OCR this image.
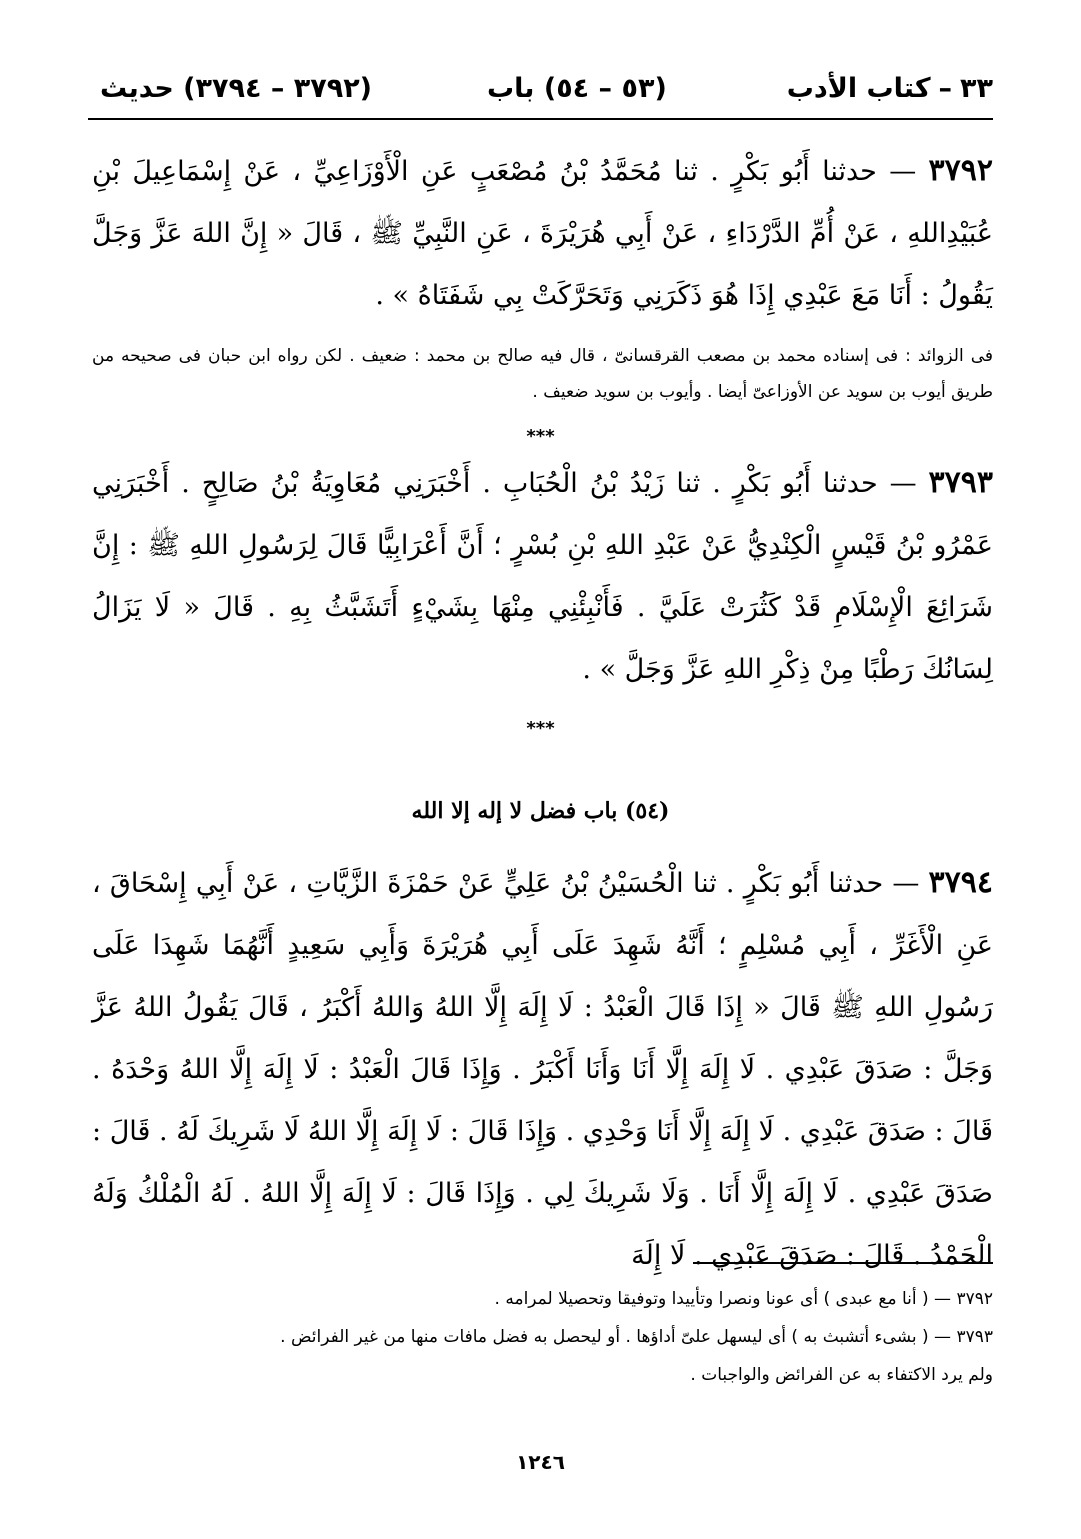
٣٣
–
كتاب الأدب
(٥٣ – ٥٤) باب
(٣٧٩٢ – ٣٧٩٤) حديث
٣٧٩٢ — حدثنا أَبُو بَكْرٍ . ثنا مُحَمَّدُ بْنُ مُصْعَبٍ عَنِ الْأَوْزَاعِيِّ ، عَنْ إِسْمَاعِيلَ بْنِ عُبَيْدِاللهِ ، عَنْ أُمِّ الدَّرْدَاءِ ، عَنْ أَبِي هُرَيْرَةَ ، عَنِ النَّبِيِّ ﷺ ، قَالَ « إِنَّ اللهَ عَزَّ وَجَلَّ يَقُولُ : أَنَا مَعَ عَبْدِي إِذَا هُوَ ذَكَرَنِي وَتَحَرَّكَتْ بِي شَفَتَاهُ » .
فى الزوائد : فى إسناده محمد بن مصعب القرقسانىّ ، قال فيه صالح بن محمد : ضعيف . لكن رواه ابن حبان فى صحيحه من طريق أيوب بن سويد عن الأوزاعىّ أيضا . وأيوب بن سويد ضعيف .
***
٣٧٩٣ — حدثنا أَبُو بَكْرٍ . ثنا زَيْدُ بْنُ الْحُبَابِ . أَخْبَرَنِي مُعَاوِيَةُ بْنُ صَالِحٍ . أَخْبَرَنِي عَمْرُو بْنُ قَيْسٍ الْكِنْدِيُّ عَنْ عَبْدِ اللهِ بْنِ بُسْرٍ ؛ أَنَّ أَعْرَابِيًّا قَالَ لِرَسُولِ اللهِ ﷺ : إِنَّ شَرَائِعَ الْإِسْلَامِ قَدْ كَثُرَتْ عَلَيَّ . فَأَنْبِئْنِي مِنْهَا بِشَيْءٍ أَتَشَبَّثُ بِهِ . قَالَ « لَا يَزَالُ لِسَانُكَ رَطْبًا مِنْ ذِكْرِ اللهِ عَزَّ وَجَلَّ » .
***
(٥٤) باب فضل لا إله إلا الله
٣٧٩٤ — حدثنا أَبُو بَكْرٍ . ثنا الْحُسَيْنُ بْنُ عَلِيٍّ عَنْ حَمْزَةَ الزَّيَّاتِ ، عَنْ أَبِي إِسْحَاقَ ، عَنِ الْأَغَرِّ ، أَبِي مُسْلِمٍ ؛ أَنَّهُ شَهِدَ عَلَى أَبِي هُرَيْرَةَ وَأَبِي سَعِيدٍ أَنَّهُمَا شَهِدَا عَلَى رَسُولِ اللهِ ﷺ قَالَ « إِذَا قَالَ الْعَبْدُ : لَا إِلَهَ إِلَّا اللهُ وَاللهُ أَكْبَرُ ، قَالَ يَقُولُ اللهُ عَزَّ وَجَلَّ : صَدَقَ عَبْدِي . لَا إِلَهَ إِلَّا أَنَا وَأَنَا أَكْبَرُ . وَإِذَا قَالَ الْعَبْدُ : لَا إِلَهَ إِلَّا اللهُ وَحْدَهُ . قَالَ : صَدَقَ عَبْدِي . لَا إِلَهَ إِلَّا أَنَا وَحْدِي . وَإِذَا قَالَ : لَا إِلَهَ إِلَّا اللهُ لَا شَرِيكَ لَهُ . قَالَ : صَدَقَ عَبْدِي . لَا إِلَهَ إِلَّا أَنَا . وَلَا شَرِيكَ لِي . وَإِذَا قَالَ : لَا إِلَهَ إِلَّا اللهُ . لَهُ الْمُلْكُ وَلَهُ الْحَمْدُ . قَالَ : صَدَقَ عَبْدِي . لَا إِلَهَ

٣٧٩٢ — ( أنا مع عبدى ) أى عونا ونصرا وتأييدا وتوفيقا وتحصيلا لمرامه .

٣٧٩٣ — ( بشىء أتشبث به ) أى ليسهل علىّ أداؤها . أو ليحصل به فضل مافات منها من غير الفرائض .

ولم يرد الاكتفاء به عن الفرائض والواجبات .

١٢٤٦
